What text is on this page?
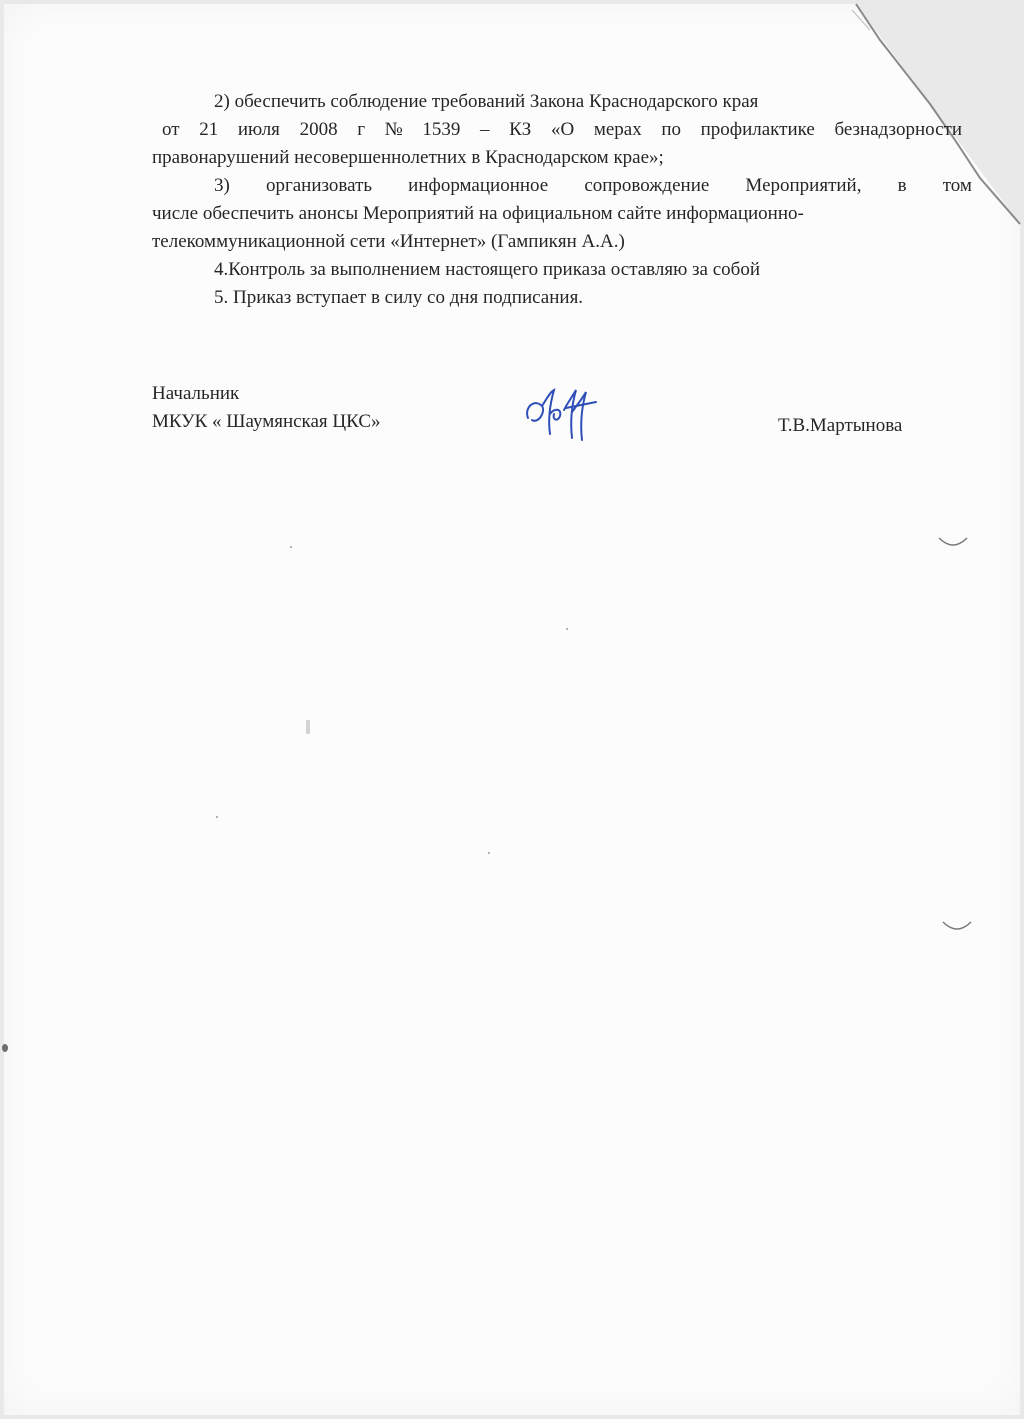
2) обеспечить соблюдение требований Закона Краснодарского края
от 21 июля 2008 г № 1539 – КЗ «О мерах по профилактике безнадзорности
правонарушений несовершеннолетних в Краснодарском крае»;
3) организовать информационное сопровождение Мероприятий, в том
числе обеспечить анонсы Мероприятий на официальном сайте информационно-
телекоммуникационной сети «Интернет» (Гампикян А.А.)
4.Контроль за выполнением настоящего приказа оставляю за собой
5. Приказ вступает в силу со дня подписания.
Начальник
МКУК « Шаумянская ЦКС»	Т.В.Мартынова
